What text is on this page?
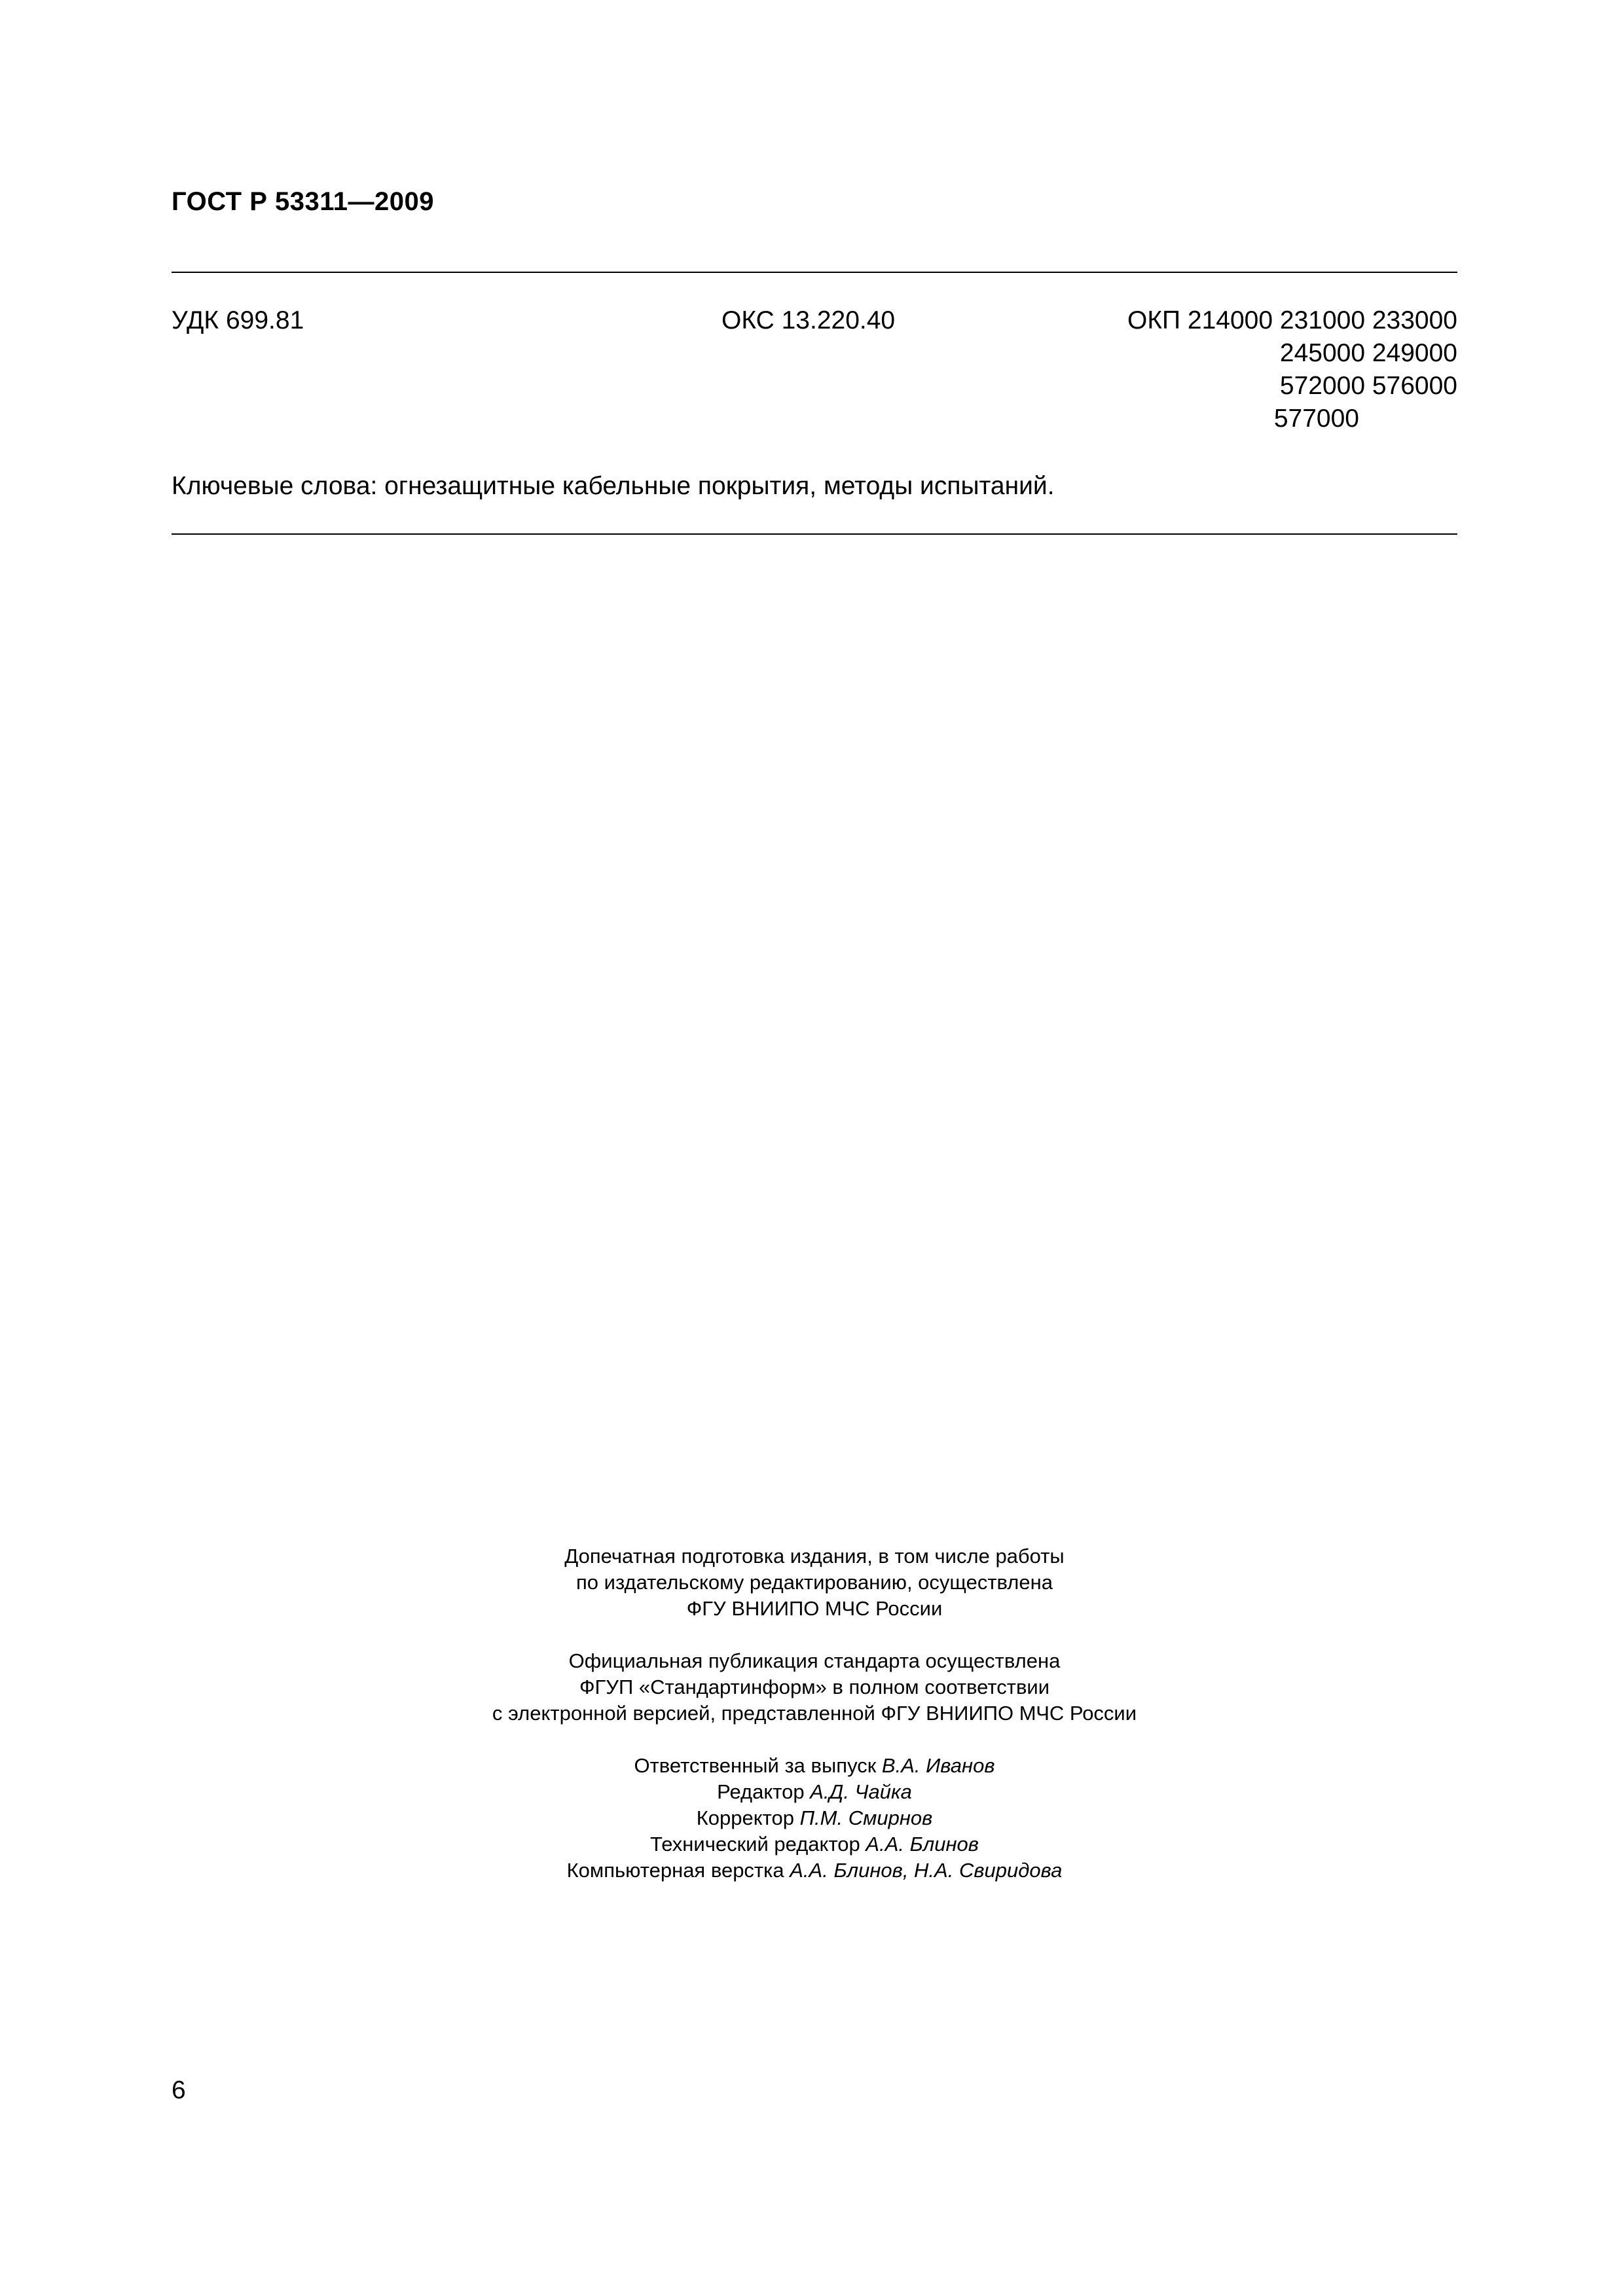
ГОСТ Р 53311—2009
УДК 699.81	ОКС 13.220.40	ОКП 214000 231000 233000
245000 249000
572000 576000
577000
Ключевые слова: огнезащитные кабельные покрытия, методы испытаний.

Допечатная подготовка издания, в том числе работы
по издательскому редактированию, осуществлена
ФГУ ВНИИПО МЧС России

Официальная публикация стандарта осуществлена
ФГУП «Стандартинформ» в полном соответствии
с электронной версией, представленной ФГУ ВНИИПО МЧС России

Ответственный за выпуск В.А. Иванов
Редактор А.Д. Чайка
Корректор П.М. Смирнов
Технический редактор А.А. Блинов
Компьютерная верстка А.А. Блинов, Н.А. Свиридова

6
